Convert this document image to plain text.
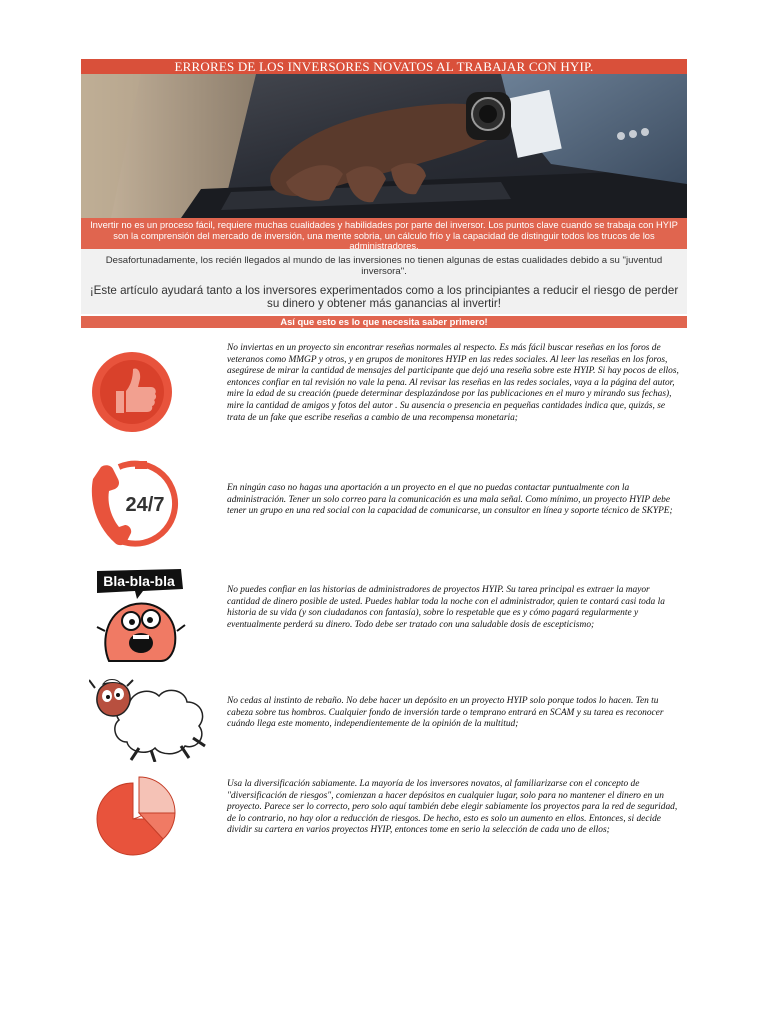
ERRORES DE LOS INVERSORES NOVATOS AL TRABAJAR CON HYIP.
Invertir no es un proceso fácil, requiere muchas cualidades y habilidades por parte del inversor. Los puntos clave cuando se trabaja con HYIP son la comprensión del mercado de inversión, una mente sobria, un cálculo frío y la capacidad de distinguir todos los trucos de los administradores.

Desafortunadamente, los recién llegados al mundo de las inversiones no tienen algunas de estas cualidades debido a su "juventud inversora".

¡Este artículo ayudará tanto a los inversores experimentados como a los principiantes a reducir el riesgo de perder su dinero y obtener más ganancias al invertir!

Así que esto es lo que necesita saber primero!

No inviertas en un proyecto sin encontrar reseñas normales al respecto. Es más fácil buscar reseñas en los foros de veteranos como MMGP y otros, y en grupos de monitores HYIP en las redes sociales. Al leer las reseñas en los foros, asegúrese de mirar la cantidad de mensajes del participante que dejó una reseña sobre este HYIP. Si hay pocos de ellos, entonces confiar en tal revisión no vale la pena. Al revisar las reseñas en las redes sociales, vaya a la página del autor, mire la edad de su creación (puede determinar desplazándose por las publicaciones en el muro y mirando sus fechas), mire la cantidad de amigos y fotos del autor . Su ausencia o presencia en pequeñas cantidades indica que, quizás, se trata de un fake que escribe reseñas a cambio de una recompensa monetaria;

24/7

En ningún caso no hagas una aportación a un proyecto en el que no puedas contactar puntualmente con la administración. Tener un solo correo para la comunicación es una mala señal. Como mínimo, un proyecto HYIP debe tener un grupo en una red social con la capacidad de comunicarse, un consultor en línea y soporte técnico de SKYPE;

Bla-bla-bla

No puedes confiar en las historias de administradores de proyectos HYIP. Su tarea principal es extraer la mayor cantidad de dinero posible de usted. Puedes hablar toda la noche con el administrador, quien te contará casi toda la historia de su vida (y son ciudadanos con fantasía), sobre lo respetable que es y cómo pagará regularmente y eventualmente perderá su dinero. Todo debe ser tratado con una saludable dosis de escepticismo;

No cedas al instinto de rebaño. No debe hacer un depósito en un proyecto HYIP solo porque todos lo hacen. Ten tu cabeza sobre tus hombros. Cualquier fondo de inversión tarde o temprano entrará en SCAM y su tarea es reconocer cuándo llega este momento, independientemente de la opinión de la multitud;

Usa la diversificación sabiamente. La mayoría de los inversores novatos, al familiarizarse con el concepto de "diversificación de riesgos", comienzan a hacer depósitos en cualquier lugar, solo para no mantener el dinero en un proyecto. Parece ser lo correcto, pero solo aquí también debe elegir sabiamente los proyectos para la red de seguridad, de lo contrario, no hay olor a reducción de riesgos. De hecho, esto es solo un aumento en ellos. Entonces, si decide dividir su cartera en varios proyectos HYIP, entonces tome en serio la selección de cada uno de ellos;
